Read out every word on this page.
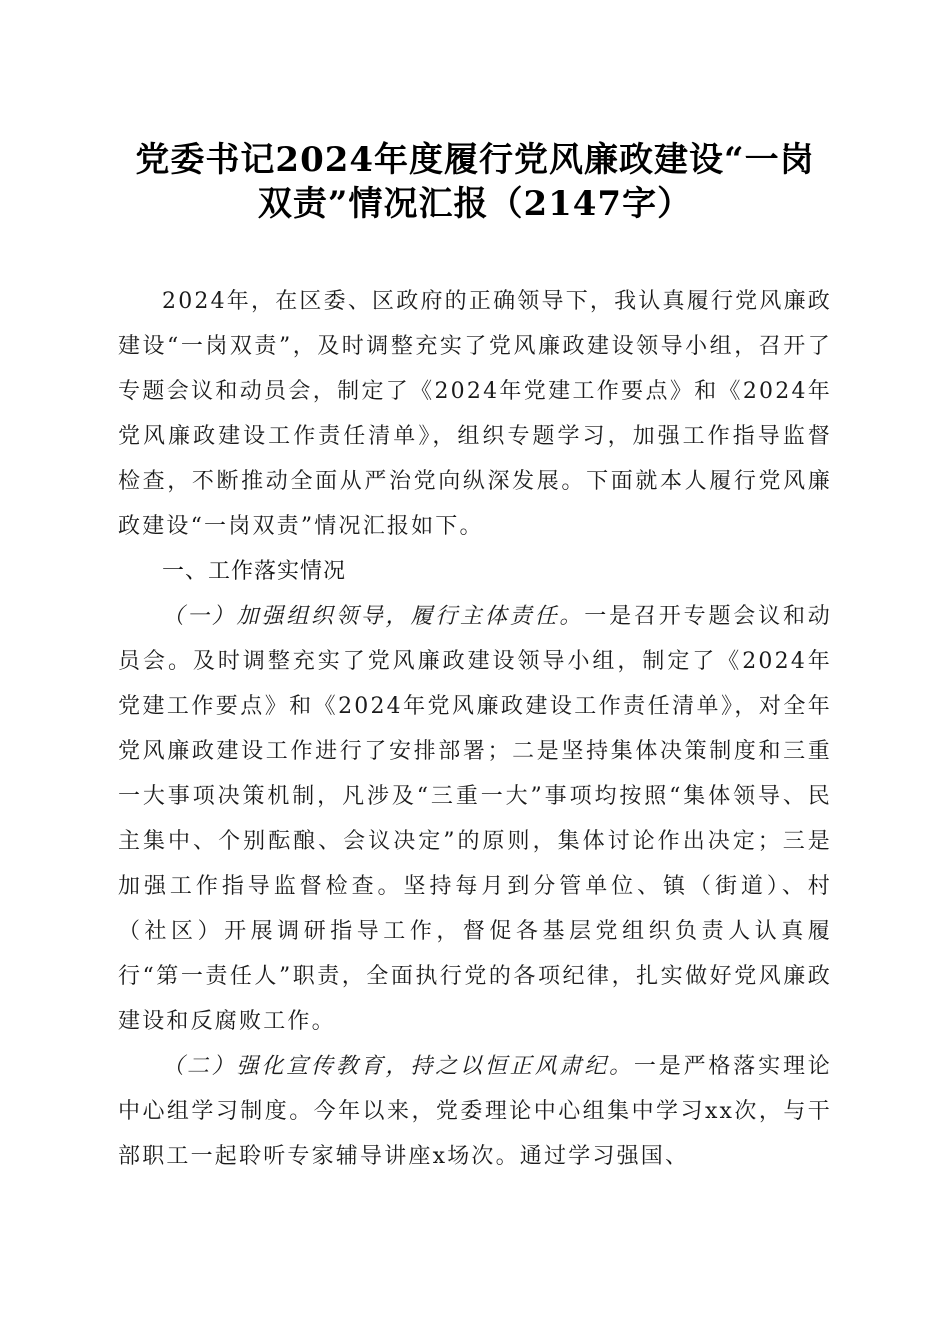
党委书记2024年度履行党风廉政建设“一岗
双责”情况汇报（2147字）

2024年，在区委、区政府的正确领导下，我认真履行党风廉政建设“一岗双责”，及时调整充实了党风廉政建设领导小组，召开了专题会议和动员会，制定了《2024年党建工作要点》和《2024年党风廉政建设工作责任清单》，组织专题学习，加强工作指导监督检查，不断推动全面从严治党向纵深发展。下面就本人履行党风廉政建设“一岗双责”情况汇报如下。

一、工作落实情况

（一）加强组织领导，履行主体责任。一是召开专题会议和动员会。及时调整充实了党风廉政建设领导小组，制定了《2024年党建工作要点》和《2024年党风廉政建设工作责任清单》，对全年党风廉政建设工作进行了安排部署；二是坚持集体决策制度和三重一大事项决策机制，凡涉及“三重一大”事项均按照“集体领导、民主集中、个别酝酿、会议决定”的原则，集体讨论作出决定；三是加强工作指导监督检查。坚持每月到分管单位、镇（街道）、村（社区）开展调研指导工作，督促各基层党组织负责人认真履行“第一责任人”职责，全面执行党的各项纪律，扎实做好党风廉政建设和反腐败工作。

（二）强化宣传教育，持之以恒正风肃纪。一是严格落实理论中心组学习制度。今年以来，党委理论中心组集中学习xx次，与干部职工一起聆听专家辅导讲座x场次。通过学习强国、
